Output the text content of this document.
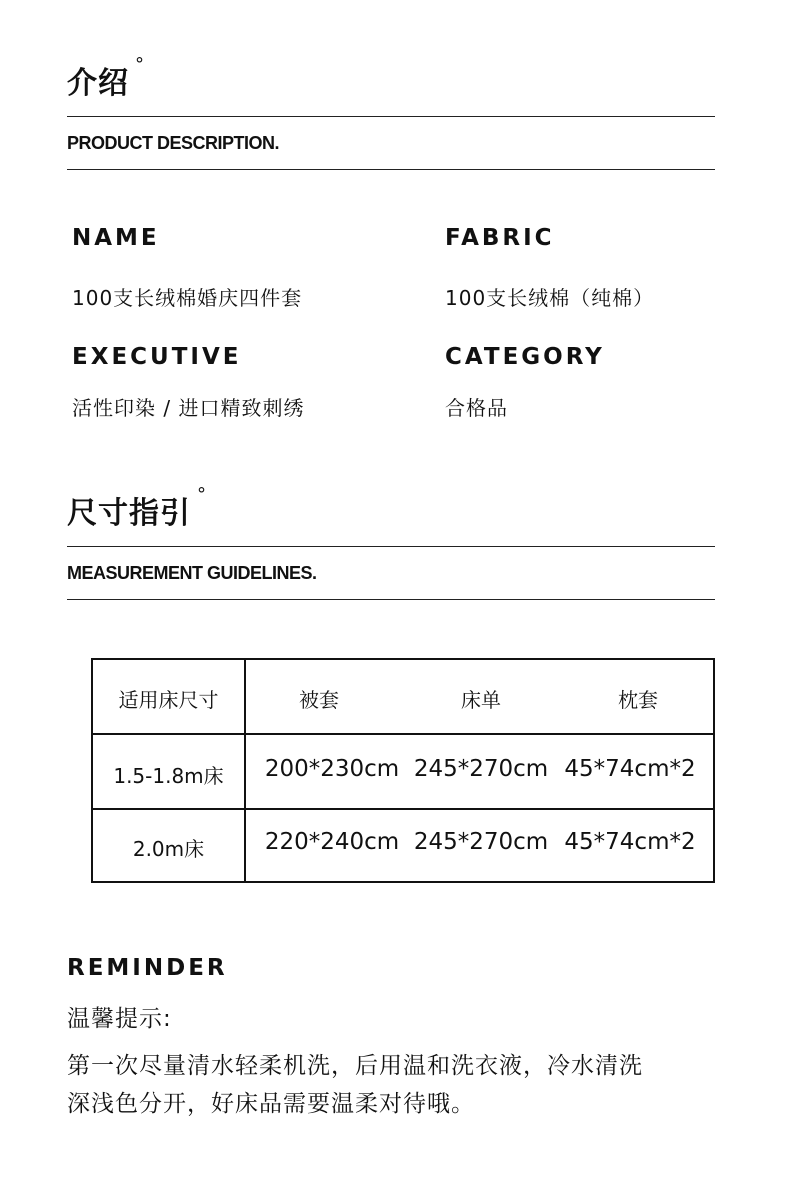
介绍°
PRODUCT DESCRIPTION.
NAME
100支长绒棉婚庆四件套
FABRIC
100支长绒棉（纯棉）
EXECUTIVE
活性印染 / 进口精致刺绣
CATEGORY
合格品
尺寸指引°
MEASUREMENT GUIDELINES.
适用床尺寸	被套	床单	枕套
1.5-1.8m床	200*230cm 245*270cm 45*74cm*2
2.0m床	220*240cm 245*270cm 45*74cm*2
REMINDER
温馨提示:
第一次尽量清水轻柔机洗，后用温和洗衣液，冷水清洗
深浅色分开，好床品需要温柔对待哦。
